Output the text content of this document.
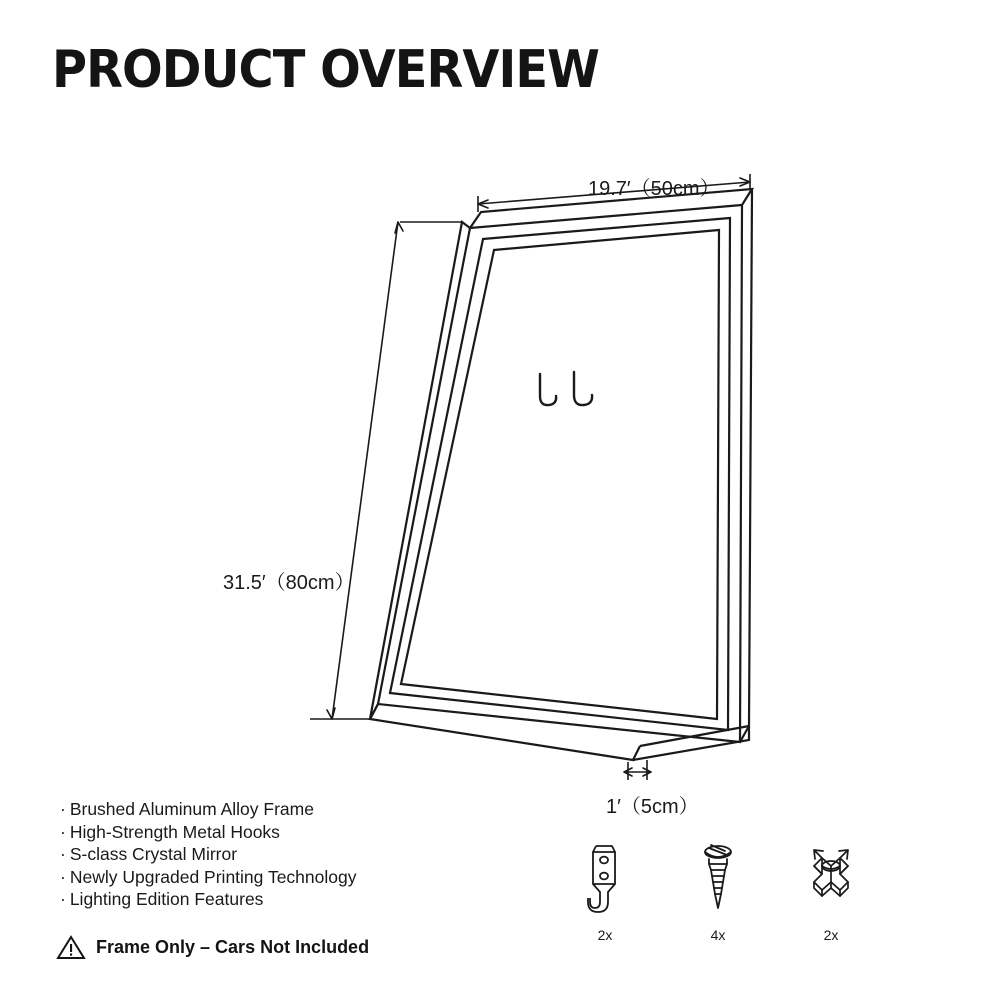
PRODUCT OVERVIEW
19.7′（50cm）
31.5′（80cm）
1′（5cm）
· Brushed Aluminum Alloy Frame
· High-Strength Metal Hooks
· S-class Crystal Mirror
· Newly Upgraded Printing Technology
· Lighting Edition Features
Frame Only – Cars Not Included
2x	4x	2x
